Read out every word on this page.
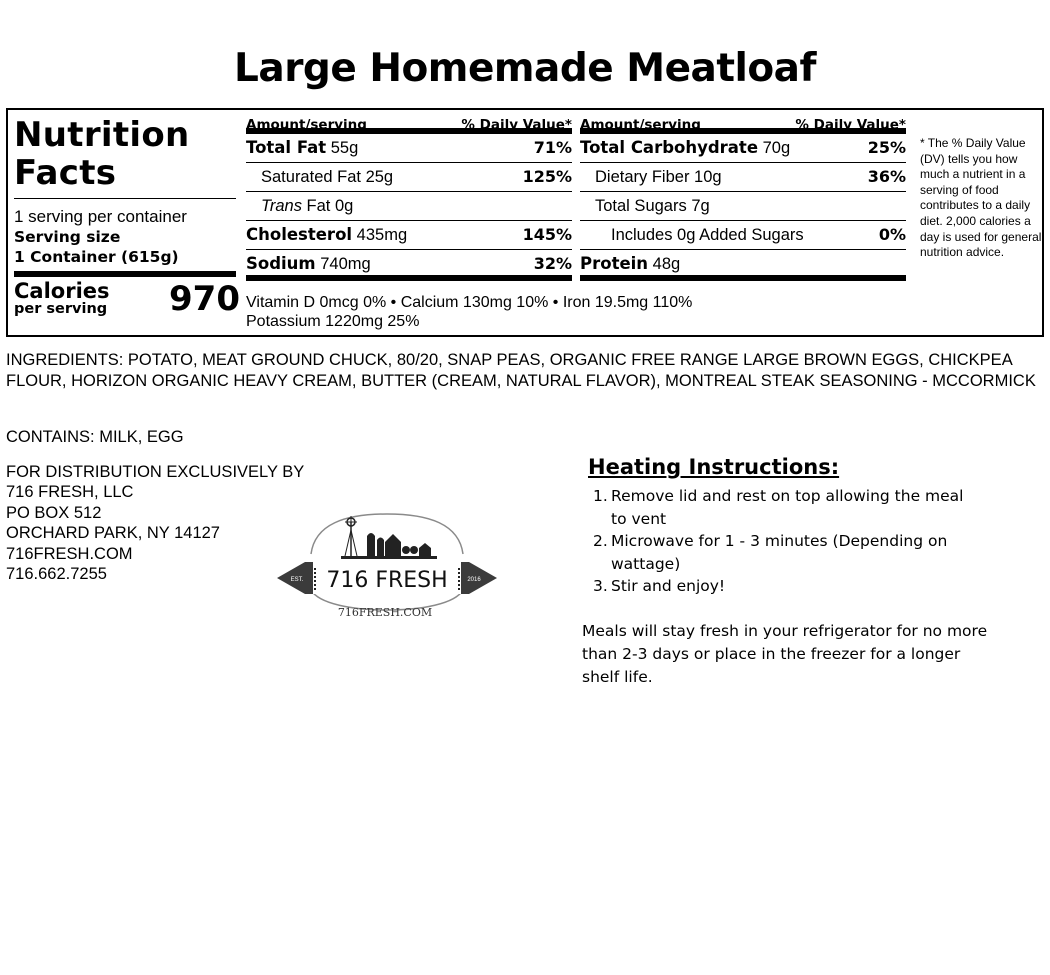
Large Homemade Meatloaf
Nutrition
Facts
1 serving per container
Serving size
1 Container (615g)
Calories
per serving 970
Amount/serving	% Daily Value*
Total Fat 55g	71%
Saturated Fat 25g	125%
Trans Fat 0g
Cholesterol 435mg	145%
Sodium 740mg	32%
Amount/serving	% Daily Value*
Total Carbohydrate 70g	25%
Dietary Fiber 10g	36%
Total Sugars 7g
Includes 0g Added Sugars	0%
Protein 48g
Vitamin D 0mcg 0% • Calcium 130mg 10% • Iron 19.5mg 110%
Potassium 1220mg 25%
* The % Daily Value (DV) tells you how much a nutrient in a serving of food contributes to a daily diet. 2,000 calories a day is used for general nutrition advice.
INGREDIENTS: POTATO, MEAT GROUND CHUCK, 80/20, SNAP PEAS, ORGANIC FREE RANGE LARGE BROWN EGGS, CHICKPEA FLOUR, HORIZON ORGANIC HEAVY CREAM, BUTTER (CREAM, NATURAL FLAVOR), MONTREAL STEAK SEASONING - MCCORMICK
CONTAINS: MILK, EGG
FOR DISTRIBUTION EXCLUSIVELY BY
716 FRESH, LLC
PO BOX 512
ORCHARD PARK, NY 14127
716FRESH.COM
716.662.7255	EST.	2016
716 FRESH
716FRESH.COM
Heating Instructions:
1. Remove lid and rest on top allowing the meal to vent
2. Microwave for 1 - 3 minutes (Depending on wattage)
3. Stir and enjoy!
Meals will stay fresh in your refrigerator for no more than 2-3 days or place in the freezer for a longer shelf life.
